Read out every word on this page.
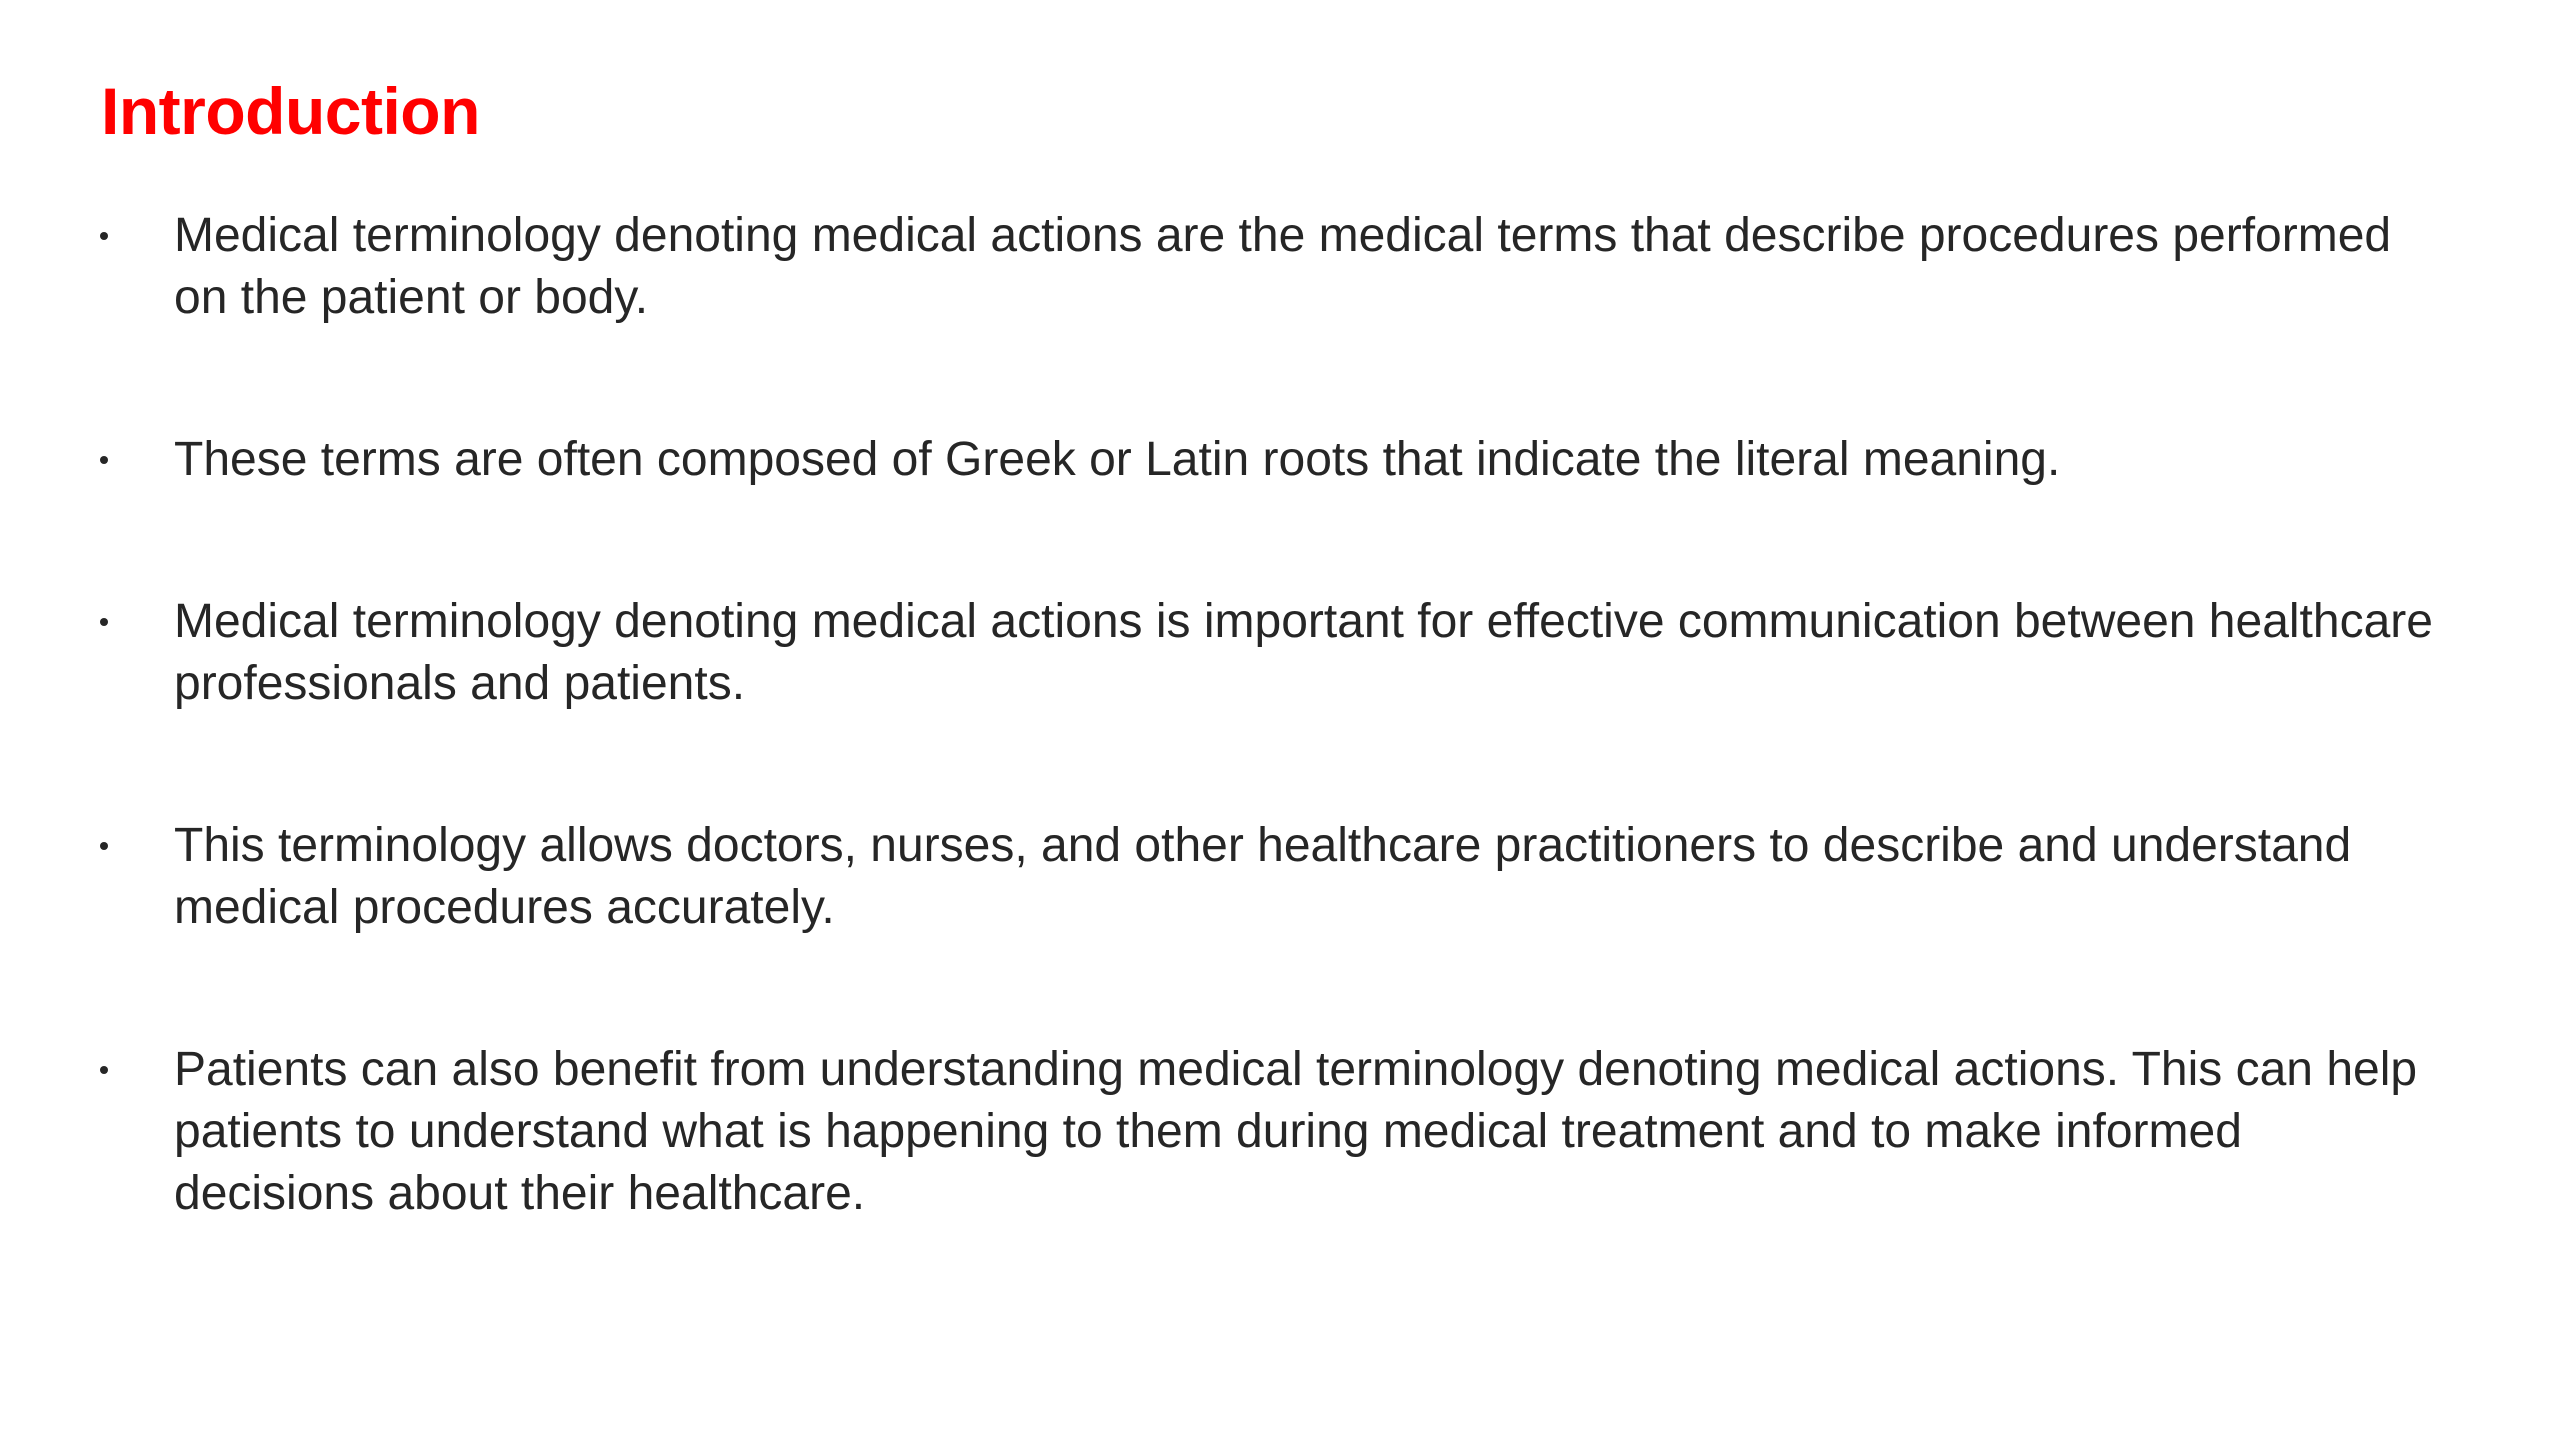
Introduction
Medical terminology denoting medical actions are the medical terms that describe procedures performed on the patient or body.
These terms are often composed of Greek or Latin roots that indicate the literal meaning.
Medical terminology denoting medical actions is important for effective communication between healthcare professionals and patients.
This terminology allows doctors, nurses, and other healthcare practitioners to describe and understand medical procedures accurately.
Patients can also benefit from understanding medical terminology denoting medical actions. This can help patients to understand what is happening to them during medical treatment and to make informed decisions about their healthcare.
